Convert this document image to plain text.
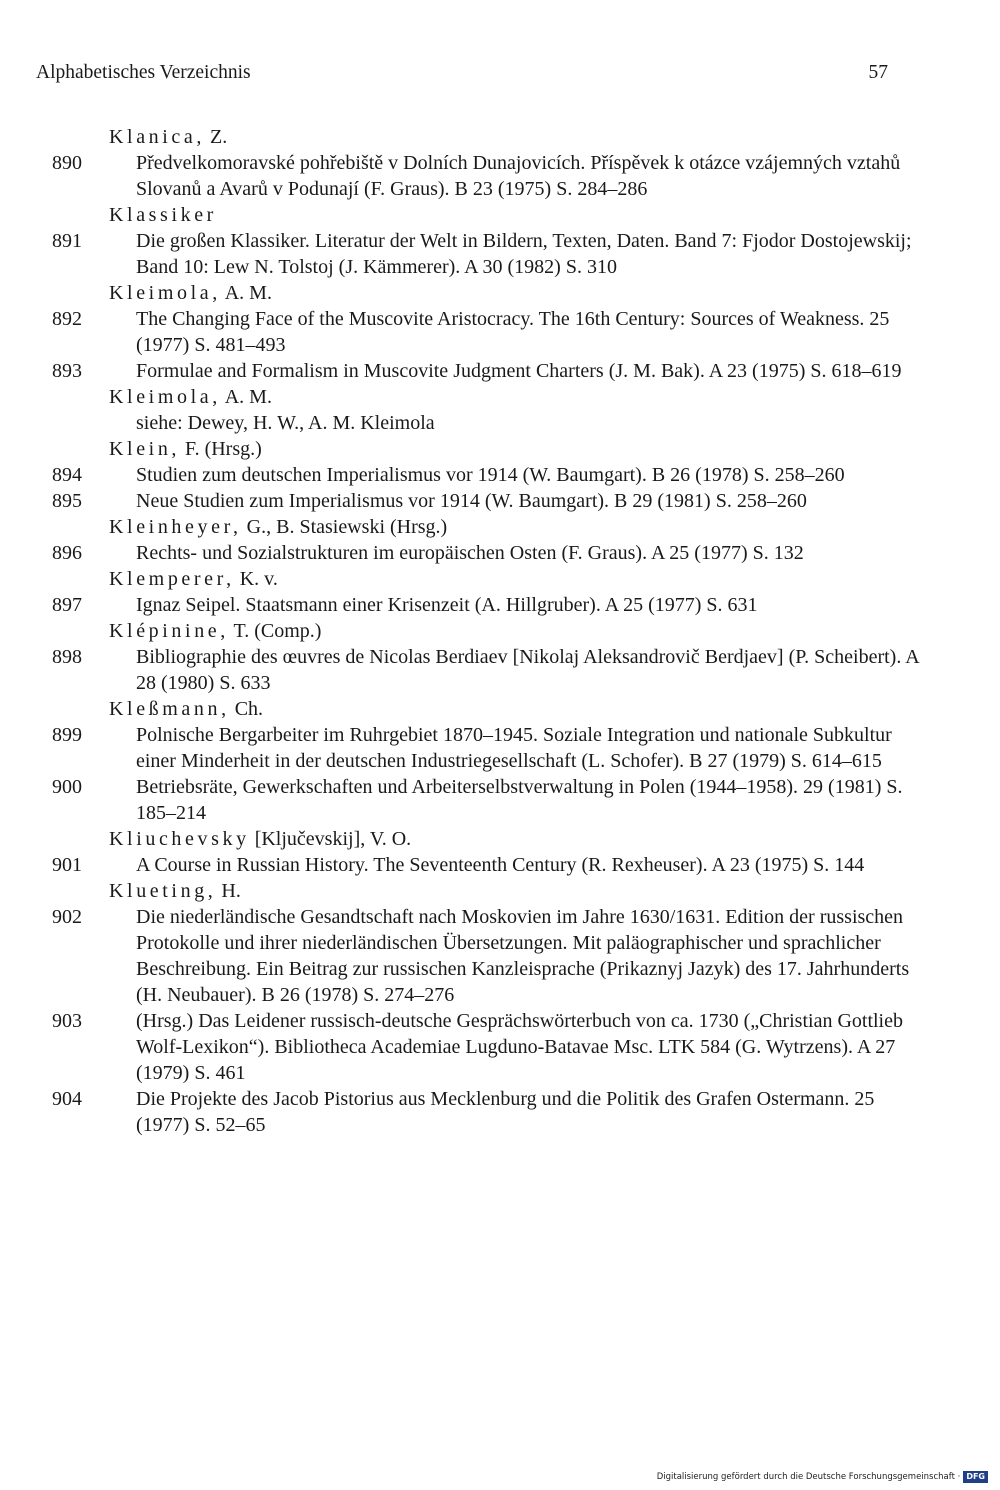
Alphabetisches Verzeichnis	57
Klanica, Z.
890	Předvelkomoravské pohřebiště v Dolních Dunajovicích. Příspěvek k otázce vzájemných vztahů Slovanů a Avarů v Podunají (F. Graus). B 23 (1975) S. 284–286
Klassiker
891	Die großen Klassiker. Literatur der Welt in Bildern, Texten, Daten. Band 7: Fjodor Dostojewskij; Band 10: Lew N. Tolstoj (J. Kämmerer). A 30 (1982) S. 310
Kleimola, A. M.
892	The Changing Face of the Muscovite Aristocracy. The 16th Century: Sources of Weakness. 25 (1977) S. 481–493
893	Formulae and Formalism in Muscovite Judgment Charters (J. M. Bak). A 23 (1975) S. 618–619
Kleimola, A. M.
siehe: Dewey, H. W., A. M. Kleimola
Klein, F. (Hrsg.)
894	Studien zum deutschen Imperialismus vor 1914 (W. Baumgart). B 26 (1978) S. 258–260
895	Neue Studien zum Imperialismus vor 1914 (W. Baumgart). B 29 (1981) S. 258–260
Kleinheyer, G., B. Stasiewski (Hrsg.)
896	Rechts- und Sozialstrukturen im europäischen Osten (F. Graus). A 25 (1977) S. 132
Klemperer, K. v.
897	Ignaz Seipel. Staatsmann einer Krisenzeit (A. Hillgruber). A 25 (1977) S. 631
Klépinine, T. (Comp.)
898	Bibliographie des œuvres de Nicolas Berdiaev [Nikolaj Aleksandrovič Berdjaev] (P. Scheibert). A 28 (1980) S. 633
Kleßmann, Ch.
899	Polnische Bergarbeiter im Ruhrgebiet 1870–1945. Soziale Integration und nationale Subkultur einer Minderheit in der deutschen Industriegesellschaft (L. Schofer). B 27 (1979) S. 614–615
900	Betriebsräte, Gewerkschaften und Arbeiterselbstverwaltung in Polen (1944–1958). 29 (1981) S. 185–214
Kliuchevsky [Ključevskij], V. O.
901	A Course in Russian History. The Seventeenth Century (R. Rexheuser). A 23 (1975) S. 144
Klueting, H.
902	Die niederländische Gesandtschaft nach Moskovien im Jahre 1630/1631. Edition der russischen Protokolle und ihrer niederländischen Übersetzungen. Mit paläographischer und sprachlicher Beschreibung. Ein Beitrag zur russischen Kanzleisprache (Prikaznyj Jazyk) des 17. Jahrhunderts (H. Neubauer). B 26 (1978) S. 274–276
903	(Hrsg.) Das Leidener russisch-deutsche Gesprächswörterbuch von ca. 1730 („Christian Gottlieb Wolf-Lexikon“). Bibliotheca Academiae Lugduno-Batavae Msc. LTK 584 (G. Wytrzens). A 27 (1979) S. 461
904	Die Projekte des Jacob Pistorius aus Mecklenburg und die Politik des Grafen Ostermann. 25 (1977) S. 52–65
Digitalisierung gefördert durch die Deutsche Forschungsgemeinschaft · DFG
